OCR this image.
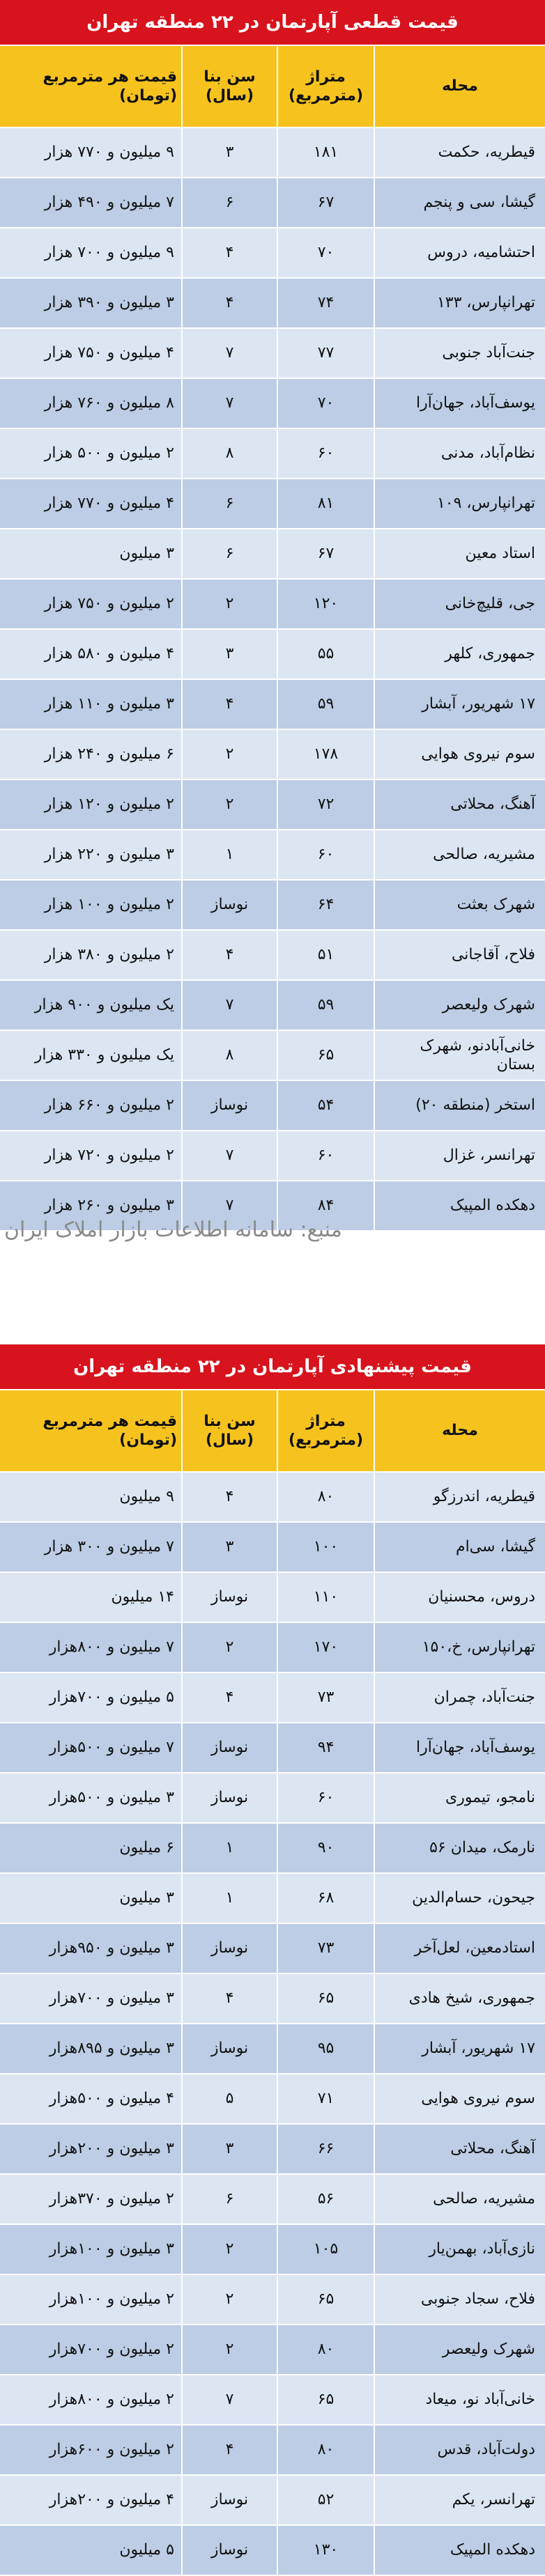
قیمت قطعی آپارتمان در ۲۲ منطقه تهران
محله
متراژ (مترمربع)
سن بنا (سال)
قیمت هر مترمربع (تومان)
قیطریه، حکمت
۱۸۱
۳
۹ میلیون و ۷۷۰ هزار
گیشا، سی و پنجم
۶۷
۶
۷ میلیون و ۴۹۰ هزار
احتشامیه، دروس
۷۰
۴
۹ میلیون و ۷۰۰ هزار
تهرانپارس، ۱۳۳
۷۴
۴
۳ میلیون و ۳۹۰ هزار
جنت‌آباد جنوبی
۷۷
۷
۴ میلیون و ۷۵۰ هزار
یوسف‌آباد، جهان‌آرا
۷۰
۷
۸ میلیون و ۷۶۰ هزار
نظام‌آباد، مدنی
۶۰
۸
۲ میلیون و ۵۰۰ هزار
تهرانپارس، ۱۰۹
۸۱
۶
۴ میلیون و ۷۷۰ هزار
استاد معین
۶۷
۶
۳ میلیون
جی، قلیچ‌خانی
۱۲۰
۲
۲ میلیون و ۷۵۰ هزار
جمهوری، کلهر
۵۵
۳
۴ میلیون و ۵۸۰ هزار
۱۷ شهریور، آبشار
۵۹
۴
۳ میلیون و ۱۱۰ هزار
سوم نیروی هوایی
۱۷۸
۲
۶ میلیون و ۲۴۰ هزار
آهنگ، محلاتی
۷۲
۲
۲ میلیون و ۱۲۰ هزار
مشیریه، صالحی
۶۰
۱
۳ میلیون و ۲۲۰ هزار
شهرک بعثت
۶۴
نوساز
۲ میلیون و ۱۰۰ هزار
فلاح، آقاجانی
۵۱
۴
۲ میلیون و ۳۸۰ هزار
شهرک ولیعصر
۵۹
۷
یک میلیون و ۹۰۰ هزار
خانی‌آباد‌نو، شهرک بستان
۶۵
۸
یک میلیون و ۳۳۰ هزار
استخر (منطقه ۲۰)
۵۴
نوساز
۲ میلیون و ۶۶۰ هزار
تهرانسر، غزال
۶۰
۷
۲ میلیون و ۷۲۰ هزار
دهکده المپیک
۸۴
۷
۳ میلیون و ۲۶۰ هزار
منبع: سامانه اطلاعات بازار املاک ایران
قیمت پیشنهادی آپارتمان در ۲۲ منطقه تهران
محله
متراژ (مترمربع)
سن بنا (سال)
قیمت هر مترمربع (تومان)
قیطریه، اندرزگو
۸۰
۴
۹ میلیون
گیشا، سی‌ام
۱۰۰
۳
۷ میلیون و ۳۰۰ هزار
دروس، محسنیان
۱۱۰
نوساز
۱۴ میلیون
تهرانپارس، خ،۱۵۰
۱۷۰
۲
۷ میلیون و ۸۰۰هزار
جنت‌آباد، چمران
۷۳
۴
۵ میلیون و ۷۰۰هزار
یوسف‌آباد، جهان‌آرا
۹۴
نوساز
۷ میلیون و ۵۰۰هزار
نامجو، تیموری
۶۰
نوساز
۳ میلیون و ۵۰۰هزار
نارمک، میدان ۵۶
۹۰
۱
۶ میلیون
جیحون، حسام‌الدین
۶۸
۱
۳ میلیون
استادمعین، لعل‌آخر
۷۳
نوساز
۳ میلیون و ۹۵۰هزار
جمهوری، شیخ هادی
۶۵
۴
۳ میلیون و ۷۰۰هزار
۱۷ شهریور، آبشار
۹۵
نوساز
۳ میلیون و ۸۹۵هزار
سوم نیروی هوایی
۷۱
۵
۴ میلیون و ۵۰۰هزار
آهنگ، محلاتی
۶۶
۳
۳ میلیون و ۲۰۰هزار
مشیریه، صالحی
۵۶
۶
۲ میلیون و ۳۷۰هزار
نازی‌آباد، بهمن‌یار
۱۰۵
۲
۳ میلیون و ۱۰۰هزار
فلاح، سجاد جنوبی
۶۵
۲
۲ میلیون و ۱۰۰هزار
شهرک ولیعصر
۸۰
۲
۲ میلیون و ۷۰۰هزار
خانی‌آباد نو، میعاد
۶۵
۷
۲ میلیون و ۸۰۰هزار
دولت‌آباد، قدس
۸۰
۴
۲ میلیون و ۶۰۰هزار
تهرانسر، یکم
۵۲
نوساز
۴ میلیون و ۲۰۰هزار
دهکده المپیک
۱۳۰
نوساز
۵ میلیون
